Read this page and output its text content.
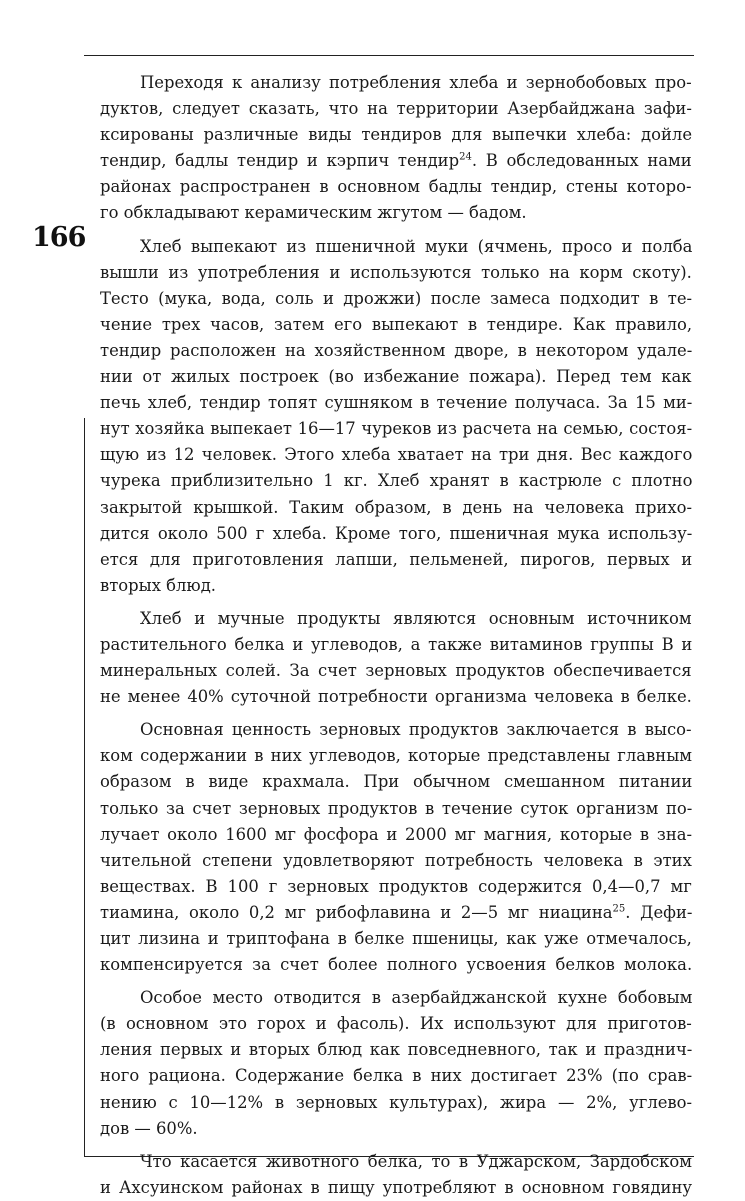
166

Переходя к анализу потребления хлеба и зернобобовых про-
дуктов, следует сказать, что на территории Азербайджана зафи-
ксированы различные виды тендиров для выпечки хлеба: дойле
тендир, бадлы тендир и кэрпич тендир$^{24}$. В обследованных нами
районах распространен в основном бадлы тендир, стены которо-
го обкладывают керамическим жгутом — бадом.

Хлеб выпекают из пшеничной муки (ячмень, просо и полба
вышли из употребления и используются только на корм скоту).
Тесто (мука, вода, соль и дрожжи) после замеса подходит в те-
чение трех часов, затем его выпекают в тендире. Как правило,
тендир расположен на хозяйственном дворе, в некотором удале-
нии от жилых построек (во избежание пожара). Перед тем как
печь хлеб, тендир топят сушняком в течение получаса. За 15 ми-
нут хозяйка выпекает 16—17 чуреков из расчета на семью, состоя-
щую из 12 человек. Этого хлеба хватает на три дня. Вес каждого
чурека приблизительно 1 кг. Хлеб хранят в кастрюле с плотно
закрытой крышкой. Таким образом, в день на человека прихо-
дится около 500 г хлеба. Кроме того, пшеничная мука использу-
ется для приготовления лапши, пельменей, пирогов, первых и
вторых блюд.

Хлеб и мучные продукты являются основным источником
растительного белка и углеводов, а также витаминов группы В и
минеральных солей. За счет зерновых продуктов обеспечивается
не менее 40% суточной потребности организма человека в белке.

Основная ценность зерновых продуктов заключается в высо-
ком содержании в них углеводов, которые представлены главным
образом в виде крахмала. При обычном смешанном питании
только за счет зерновых продуктов в течение суток организм по-
лучает около 1600 мг фосфора и 2000 мг магния, которые в зна-
чительной степени удовлетворяют потребность человека в этих
веществах. В 100 г зерновых продуктов содержится 0,4—0,7 мг
тиамина, около 0,2 мг рибофлавина и 2—5 мг ниацина$^{25}$. Дефи-
цит лизина и триптофана в белке пшеницы, как уже отмечалось,
компенсируется за счет более полного усвоения белков молока.

Особое место отводится в азербайджанской кухне бобовым
(в основном это горох и фасоль). Их используют для приготов-
ления первых и вторых блюд как повседневного, так и празднич-
ного рациона. Содержание белка в них достигает 23% (по срав-
нению с 10—12% в зерновых культурах), жира — 2%, углево-
дов — 60%.

Что касается животного белка, то в Уджарском, Зардобском
и Ахсуинском районах в пищу употребляют в основном говядину
